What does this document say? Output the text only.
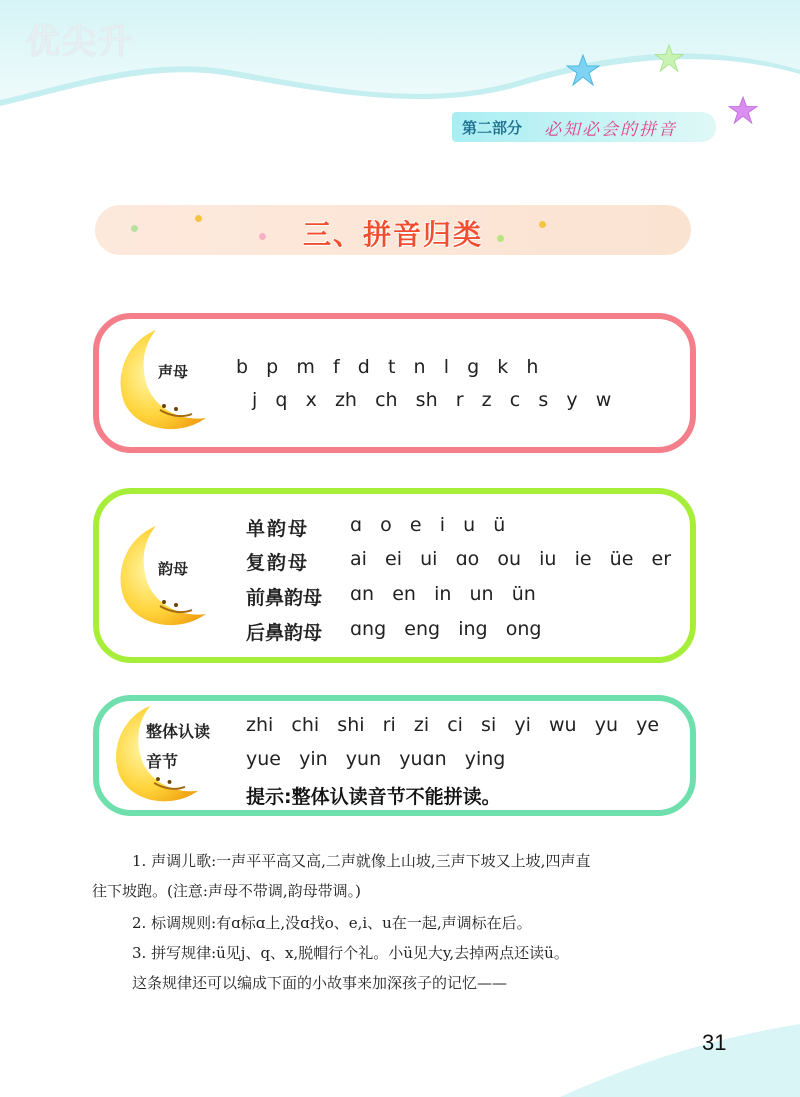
优尖升
第二部分 必知必会的拼音
三、拼音归类
声母	b   p   m   f   d   t   n   l   g   k   h
j   q   x   zh   ch   sh   r   z   c   s   y   w
韵母
单韵母 ɑ   o   e   i   u   ü
复韵母 ai   ei   ui   ɑo   ou   iu   ie   üe   er
前鼻韵母 ɑn   en   in   un   ün
后鼻韵母 ɑng   eng   ing   ong
整体认读
音节
zhi   chi   shi   ri   zi   ci   si   yi   wu   yu   ye
yue   yin   yun   yuɑn   ying
提示:整体认读音节不能拼读。
1. 声调儿歌:一声平平高又高,二声就像上山坡,三声下坡又上坡,四声直
往下坡跑。(注意:声母不带调,韵母带调。)
2. 标调规则:有ɑ标ɑ上,没ɑ找o、e,i、u在一起,声调标在后。
3. 拼写规律:ü见j、q、x,脱帽行个礼。小ü见大y,去掉两点还读ü。
这条规律还可以编成下面的小故事来加深孩子的记忆——
31
